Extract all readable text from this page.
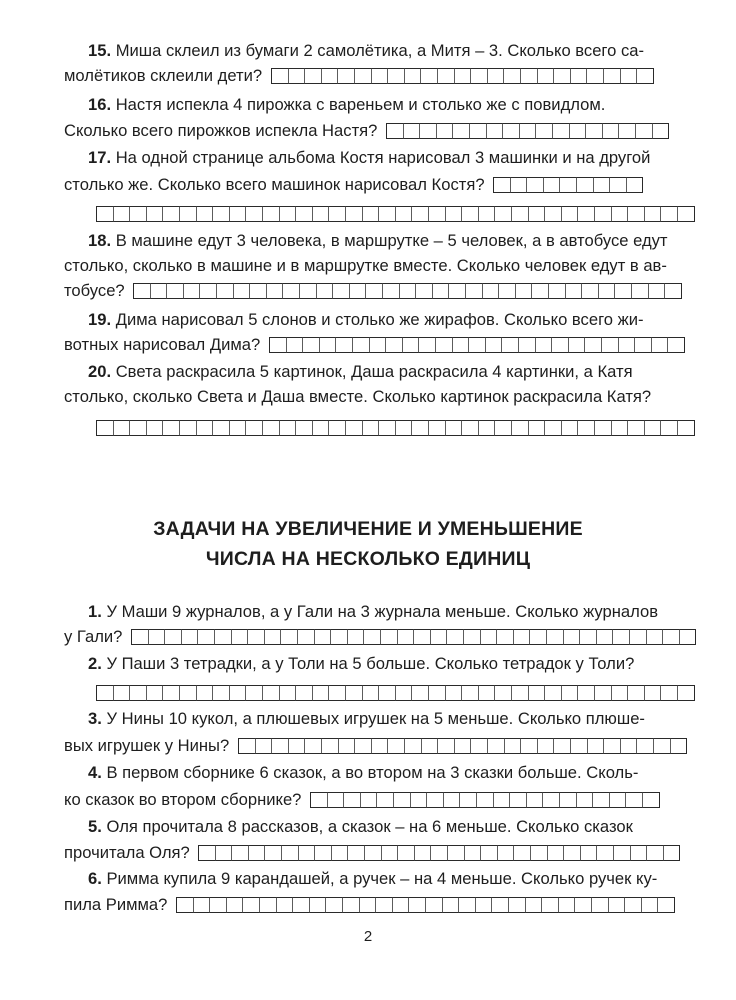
15. Миша склеил из бумаги 2 самолётика, а Митя – 3. Сколько всего са-
молётиков склеили дети?
16. Настя испекла 4 пирожка с вареньем и столько же с повидлом.
Сколько всего пирожков испекла Настя?
17. На одной странице альбома Костя нарисовал 3 машинки и на другой
столько же. Сколько всего машинок нарисовал Костя?
18. В машине едут 3 человека, в маршрутке – 5 человек, а в автобусе едут
столько, сколько в машине и в маршрутке вместе. Сколько человек едут в ав-
тобусе?
19. Дима нарисовал 5 слонов и столько же жирафов. Сколько всего жи-
вотных нарисовал Дима?
20. Света раскрасила 5 картинок, Даша раскрасила 4 картинки, а Катя
столько, сколько Света и Даша вместе. Сколько картинок раскрасила Катя?
ЗАДАЧИ НА УВЕЛИЧЕНИЕ И УМЕНЬШЕНИЕ
ЧИСЛА НА НЕСКОЛЬКО ЕДИНИЦ
1. У Маши 9 журналов, а у Гали на 3 журнала меньше. Сколько журналов
у Гали?
2. У Паши 3 тетрадки, а у Толи на 5 больше. Сколько тетрадок у Толи?
3. У Нины 10 кукол, а плюшевых игрушек на 5 меньше. Сколько плюше-
вых игрушек у Нины?
4. В первом сборнике 6 сказок, а во втором на 3 сказки больше. Сколь-
ко сказок во втором сборнике?
5. Оля прочитала 8 рассказов, а сказок – на 6 меньше. Сколько сказок
прочитала Оля?
6. Римма купила 9 карандашей, а ручек – на 4 меньше. Сколько ручек ку-
пила Римма?
2
